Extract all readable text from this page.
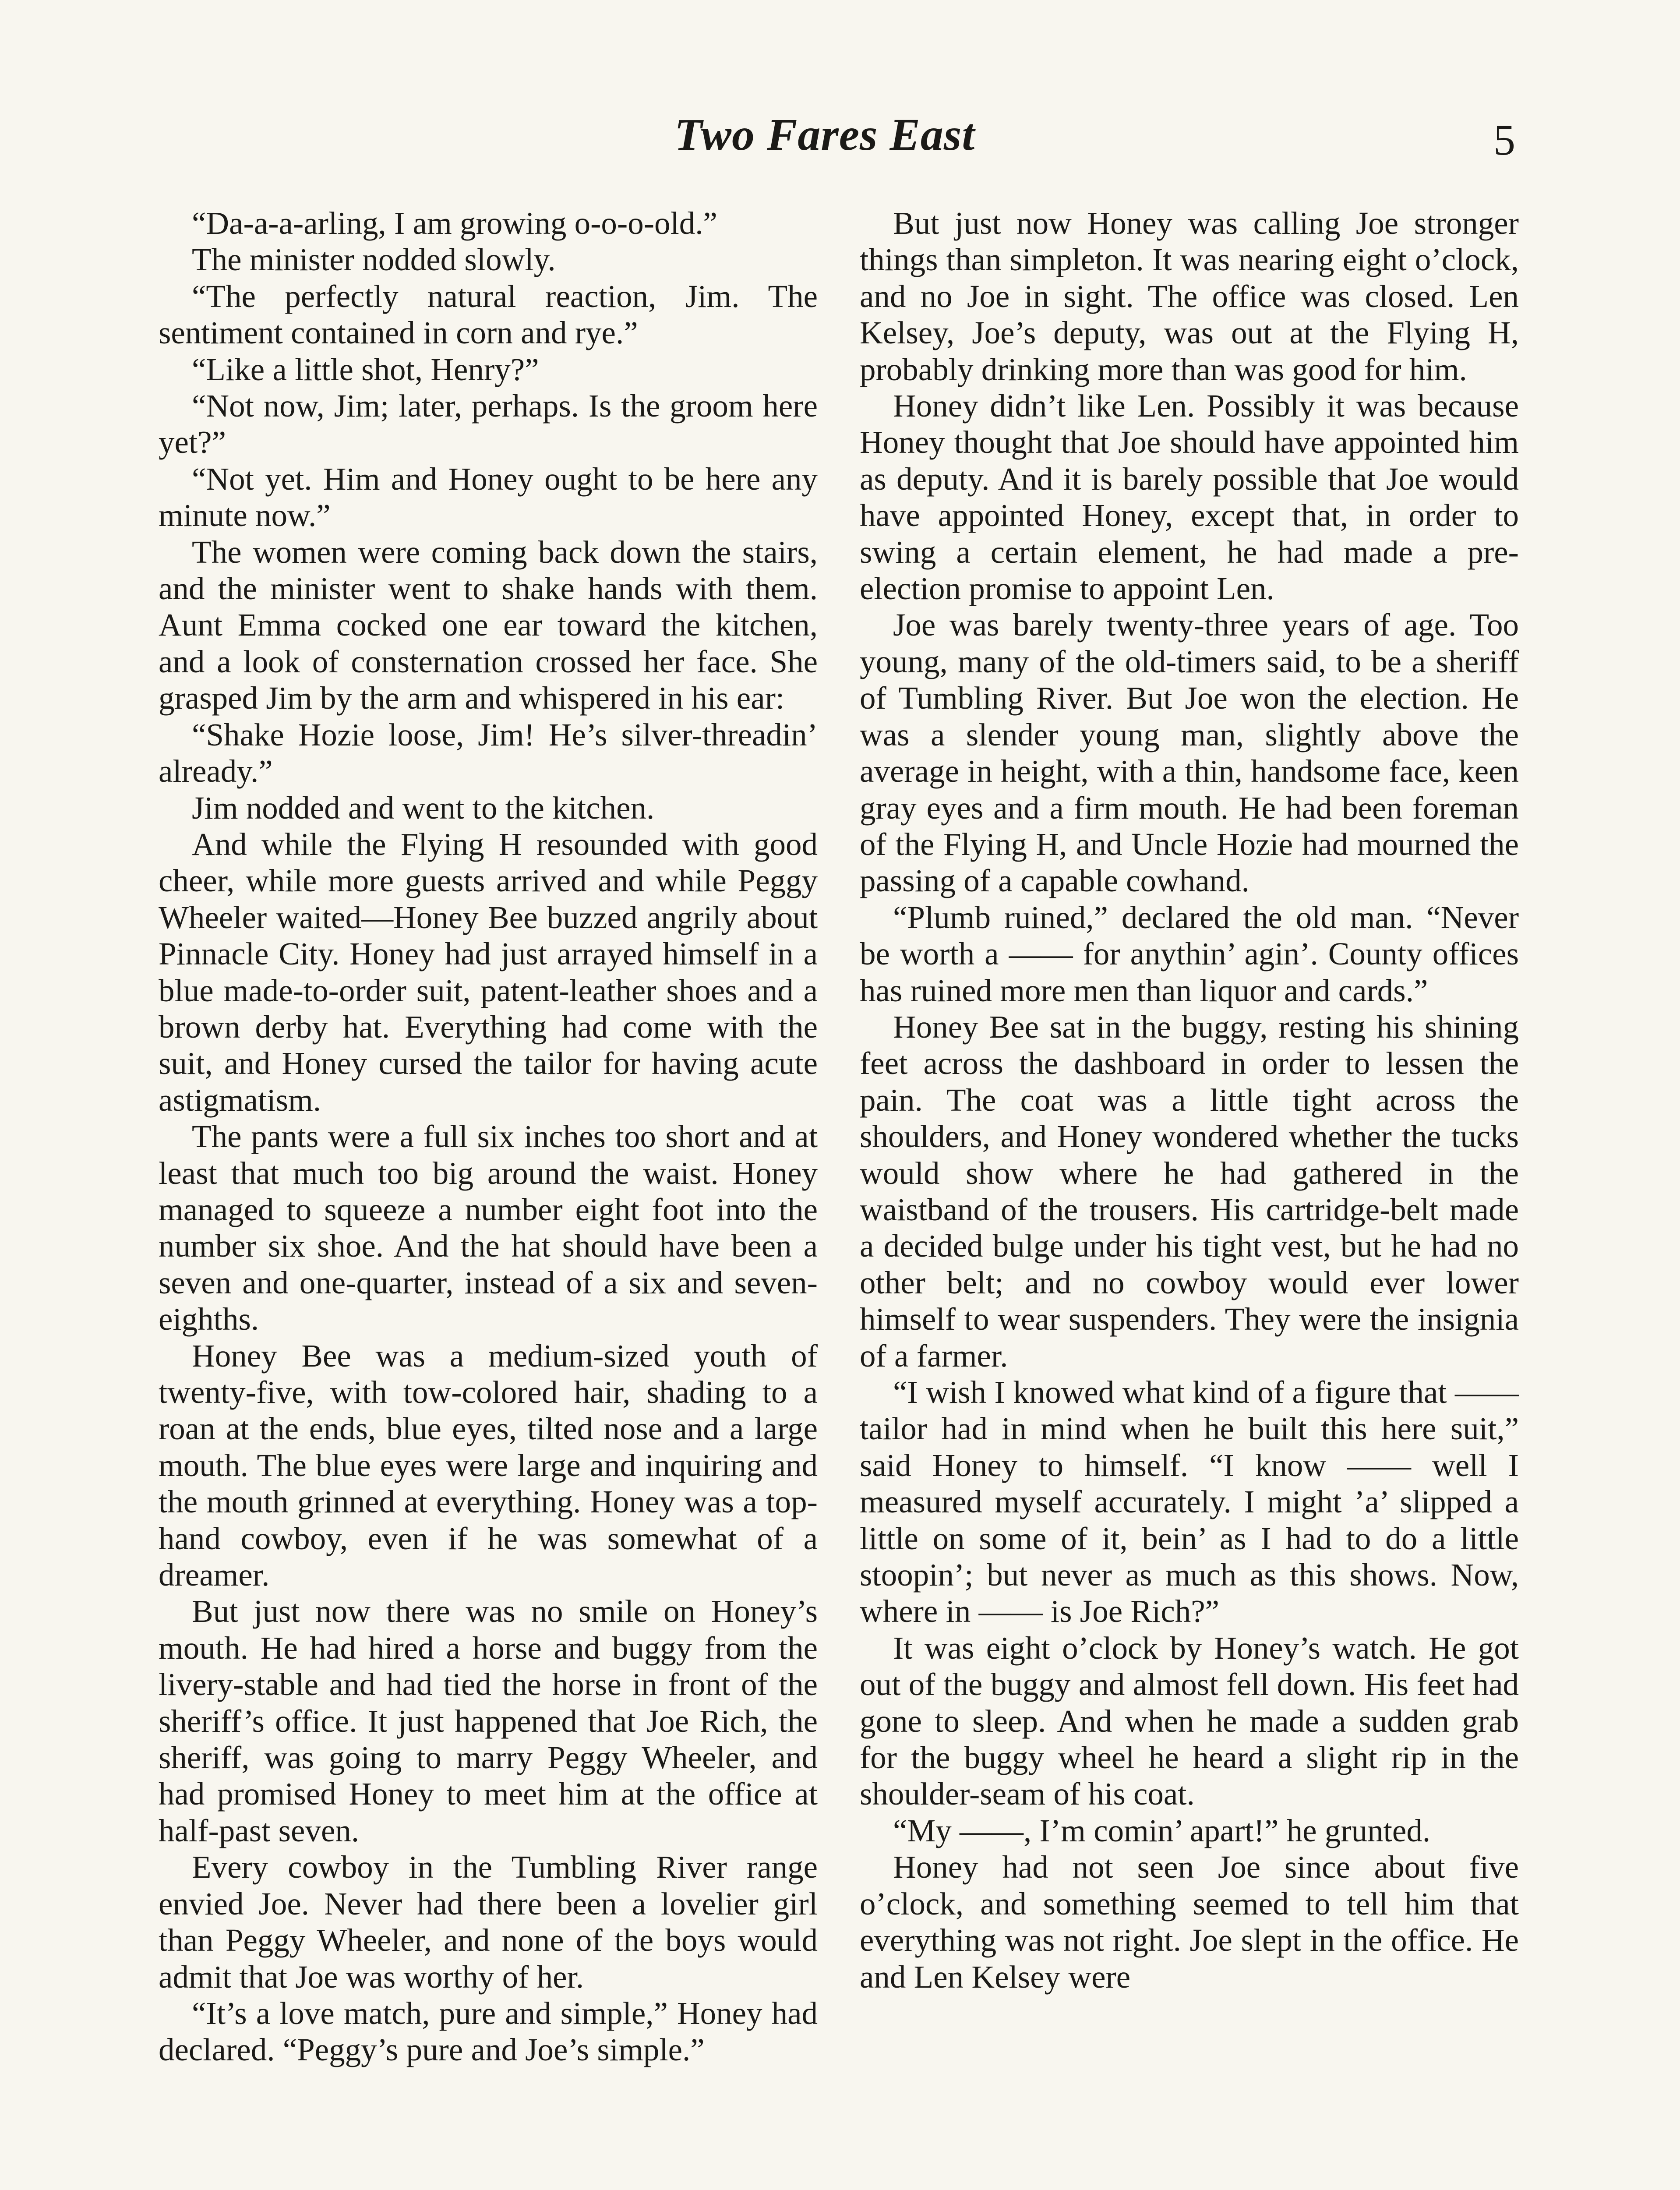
Two Fares East	5

“Da-a-a-arling, I am growing o-o-o-old.”

The minister nodded slowly.

“The perfectly natural reaction, Jim. The sentiment contained in corn and rye.”

“Like a little shot, Henry?”

“Not now, Jim; later, perhaps. Is the groom here yet?”

“Not yet. Him and Honey ought to be here any minute now.”

The women were coming back down the stairs, and the minister went to shake hands with them. Aunt Emma cocked one ear toward the kitchen, and a look of consternation crossed her face. She grasped Jim by the arm and whispered in his ear:

“Shake Hozie loose, Jim! He’s silver-threadin’ already.”

Jim nodded and went to the kitchen.

And while the Flying H resounded with good cheer, while more guests arrived and while Peggy Wheeler waited—Honey Bee buzzed angrily about Pinnacle City. Honey had just arrayed himself in a blue made-to-order suit, patent-leather shoes and a brown derby hat. Everything had come with the suit, and Honey cursed the tailor for having acute astigmatism.

The pants were a full six inches too short and at least that much too big around the waist. Honey managed to squeeze a number eight foot into the number six shoe. And the hat should have been a seven and one-quarter, instead of a six and seven-eighths.

Honey Bee was a medium-sized youth of twenty-five, with tow-colored hair, shading to a roan at the ends, blue eyes, tilted nose and a large mouth. The blue eyes were large and inquiring and the mouth grinned at everything. Honey was a top-hand cowboy, even if he was somewhat of a dreamer.

But just now there was no smile on Honey’s mouth. He had hired a horse and buggy from the livery-stable and had tied the horse in front of the sheriff’s office. It just happened that Joe Rich, the sheriff, was going to marry Peggy Wheeler, and had promised Honey to meet him at the office at half-past seven.

Every cowboy in the Tumbling River range envied Joe. Never had there been a lovelier girl than Peggy Wheeler, and none of the boys would admit that Joe was worthy of her.

“It’s a love match, pure and simple,” Honey had declared. “Peggy’s pure and Joe’s simple.”

But just now Honey was calling Joe stronger things than simpleton. It was nearing eight o’clock, and no Joe in sight. The office was closed. Len Kelsey, Joe’s deputy, was out at the Flying H, probably drinking more than was good for him.

Honey didn’t like Len. Possibly it was because Honey thought that Joe should have appointed him as deputy. And it is barely possible that Joe would have appointed Honey, except that, in order to swing a certain element, he had made a pre-election promise to appoint Len.

Joe was barely twenty-three years of age. Too young, many of the old-timers said, to be a sheriff of Tumbling River. But Joe won the election. He was a slender young man, slightly above the average in height, with a thin, handsome face, keen gray eyes and a firm mouth. He had been foreman of the Flying H, and Uncle Hozie had mourned the passing of a capable cowhand.

“Plumb ruined,” declared the old man. “Never be worth a —— for anythin’ agin’. County offices has ruined more men than liquor and cards.”

Honey Bee sat in the buggy, resting his shining feet across the dashboard in order to lessen the pain. The coat was a little tight across the shoulders, and Honey wondered whether the tucks would show where he had gathered in the waistband of the trousers. His cartridge-belt made a decided bulge under his tight vest, but he had no other belt; and no cowboy would ever lower himself to wear suspenders. They were the insignia of a farmer.

“I wish I knowed what kind of a figure that —— tailor had in mind when he built this here suit,” said Honey to himself. “I know —— well I measured myself accurately. I might ’a’ slipped a little on some of it, bein’ as I had to do a little stoopin’; but never as much as this shows. Now, where in —— is Joe Rich?”

It was eight o’clock by Honey’s watch. He got out of the buggy and almost fell down. His feet had gone to sleep. And when he made a sudden grab for the buggy wheel he heard a slight rip in the shoulder-seam of his coat.

“My ——, I’m comin’ apart!” he grunted.

Honey had not seen Joe since about five o’clock, and something seemed to tell him that everything was not right. Joe slept in the office. He and Len Kelsey were
